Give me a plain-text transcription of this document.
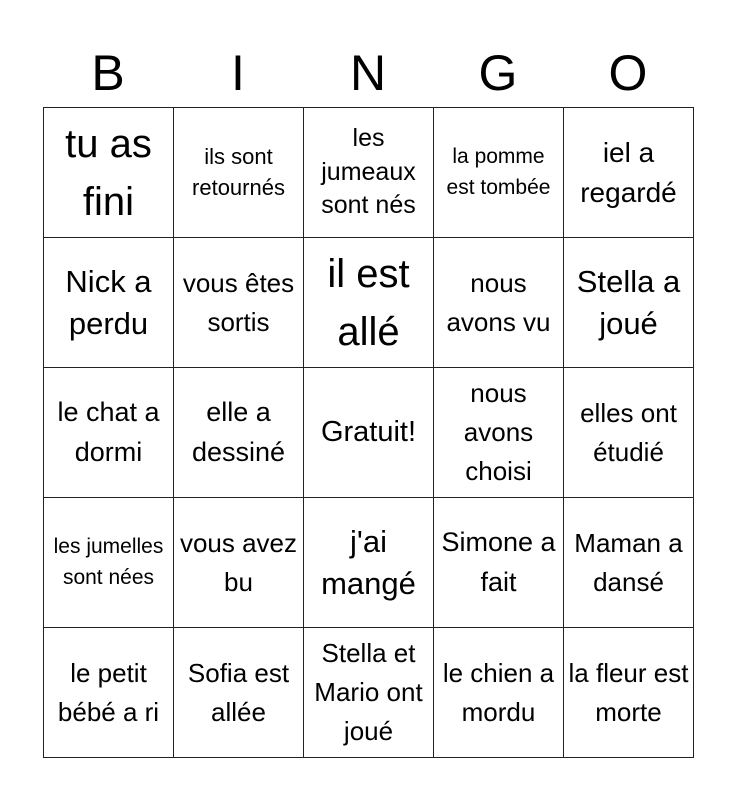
B	I	N	G	O
tu as fini	ils sont retournés	les jumeaux sont nés	la pomme est tombée	iel a regardé
Nick a perdu	vous êtes sortis	il est allé	nous avons vu	Stella a joué
le chat a dormi	elle a dessiné	Gratuit!	nous avons choisi	elles ont étudié
les jumelles sont nées	vous avez bu	j'ai mangé	Simone a fait	Maman a dansé
le petit bébé a ri	Sofia est allée	Stella et Mario ont joué	le chien a mordu	la fleur est morte
